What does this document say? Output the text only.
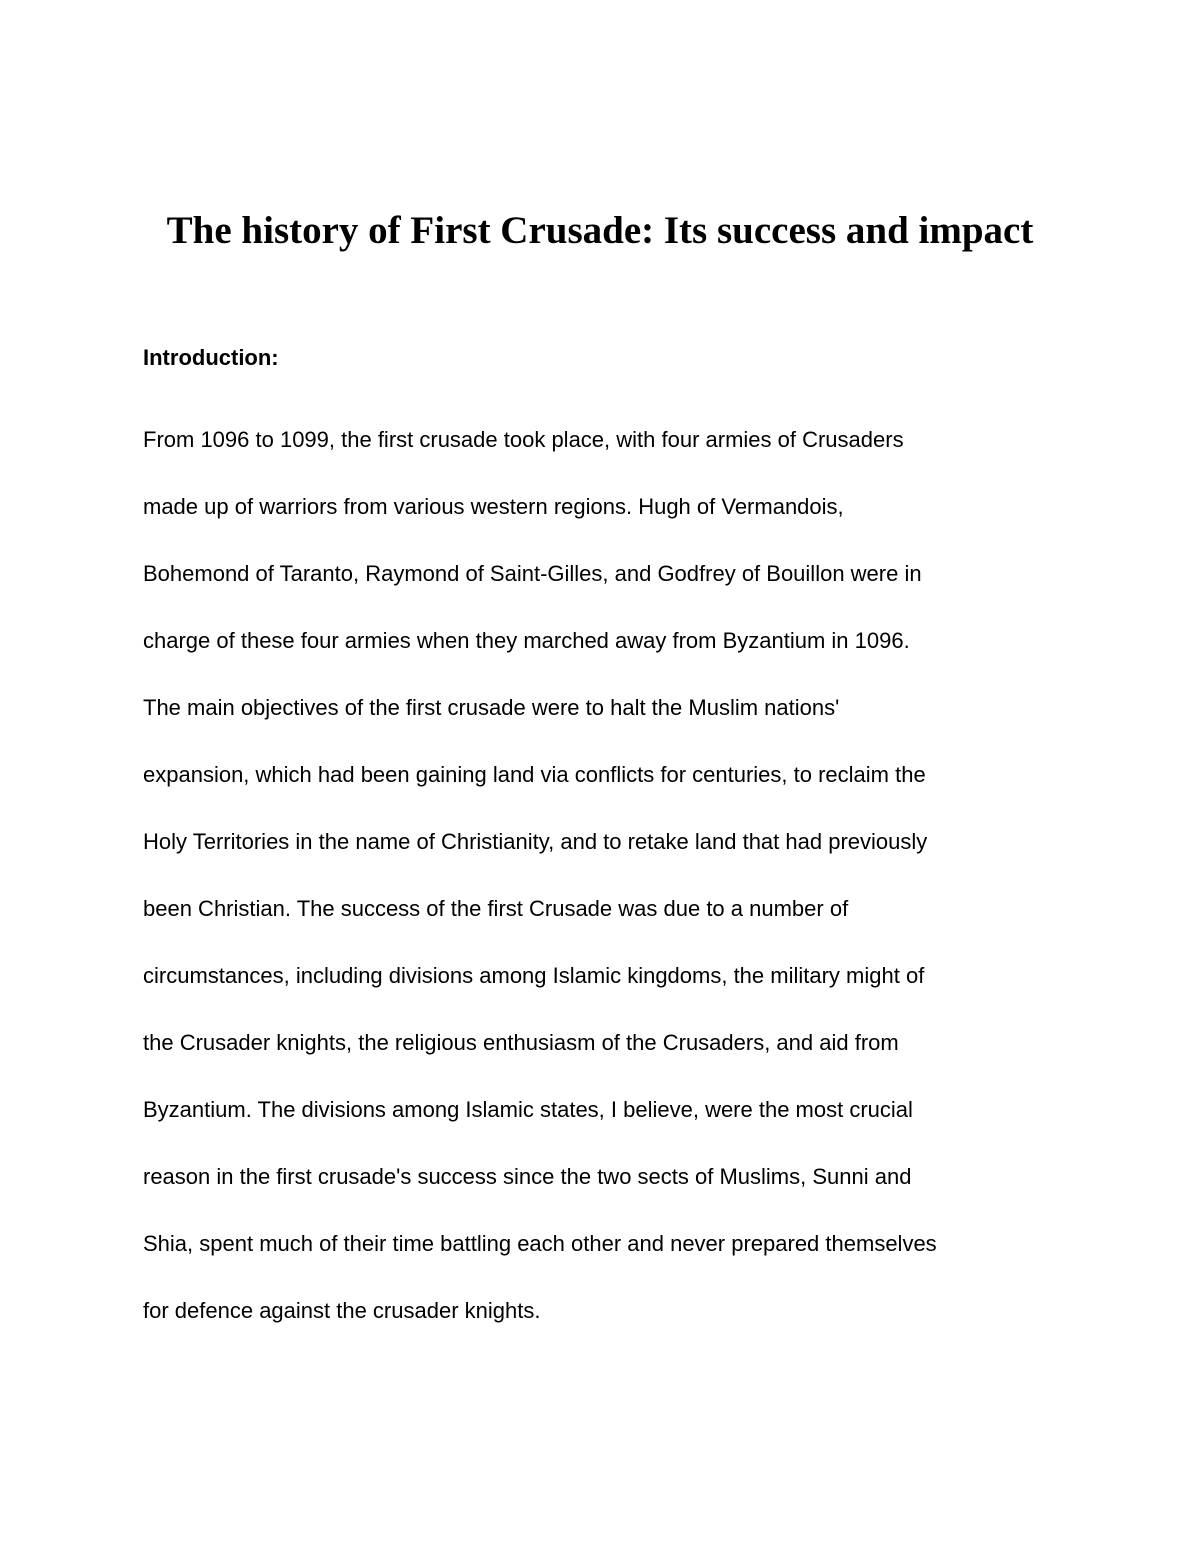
The history of First Crusade: Its success and impact
Introduction:

From 1096 to 1099, the first crusade took place, with four armies of Crusaders
made up of warriors from various western regions. Hugh of Vermandois,
Bohemond of Taranto, Raymond of Saint-Gilles, and Godfrey of Bouillon were in
charge of these four armies when they marched away from Byzantium in 1096.
The main objectives of the first crusade were to halt the Muslim nations'
expansion, which had been gaining land via conflicts for centuries, to reclaim the
Holy Territories in the name of Christianity, and to retake land that had previously
been Christian. The success of the first Crusade was due to a number of
circumstances, including divisions among Islamic kingdoms, the military might of
the Crusader knights, the religious enthusiasm of the Crusaders, and aid from
Byzantium. The divisions among Islamic states, I believe, were the most crucial
reason in the first crusade's success since the two sects of Muslims, Sunni and
Shia, spent much of their time battling each other and never prepared themselves
for defence against the crusader knights.
